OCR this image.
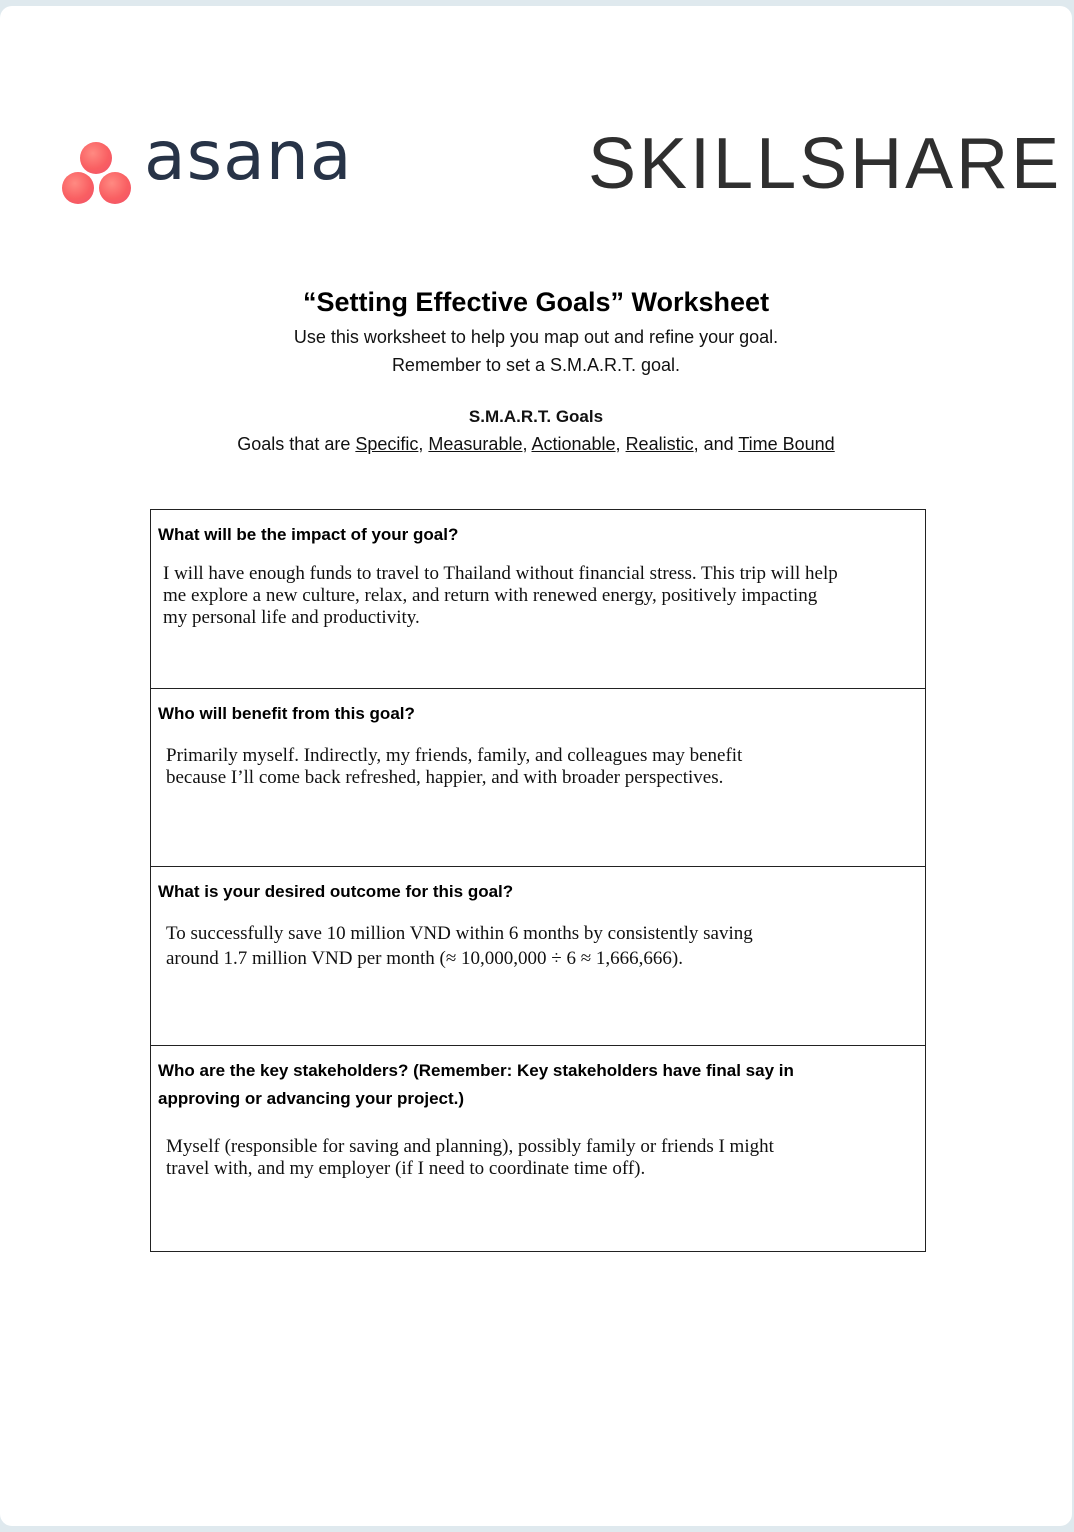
asana	SKILLSHARE
“Setting Effective Goals” Worksheet
Use this worksheet to help you map out and refine your goal.
Remember to set a S.M.A.R.T. goal.
S.M.A.R.T. Goals
Goals that are Specific, Measurable, Actionable, Realistic, and Time Bound
What will be the impact of your goal?
I will have enough funds to travel to Thailand without financial stress. This trip will help
me explore a new culture, relax, and return with renewed energy, positively impacting
my personal life and productivity.
Who will benefit from this goal?
Primarily myself. Indirectly, my friends, family, and colleagues may benefit
because I’ll come back refreshed, happier, and with broader perspectives.
What is your desired outcome for this goal?
To successfully save 10 million VND within 6 months by consistently saving
around 1.7 million VND per month (≈ 10,000,000 ÷ 6 ≈ 1,666,666).
Who are the key stakeholders? (Remember: Key stakeholders have final say in approving or advancing your project.)
Myself (responsible for saving and planning), possibly family or friends I might
travel with, and my employer (if I need to coordinate time off).
